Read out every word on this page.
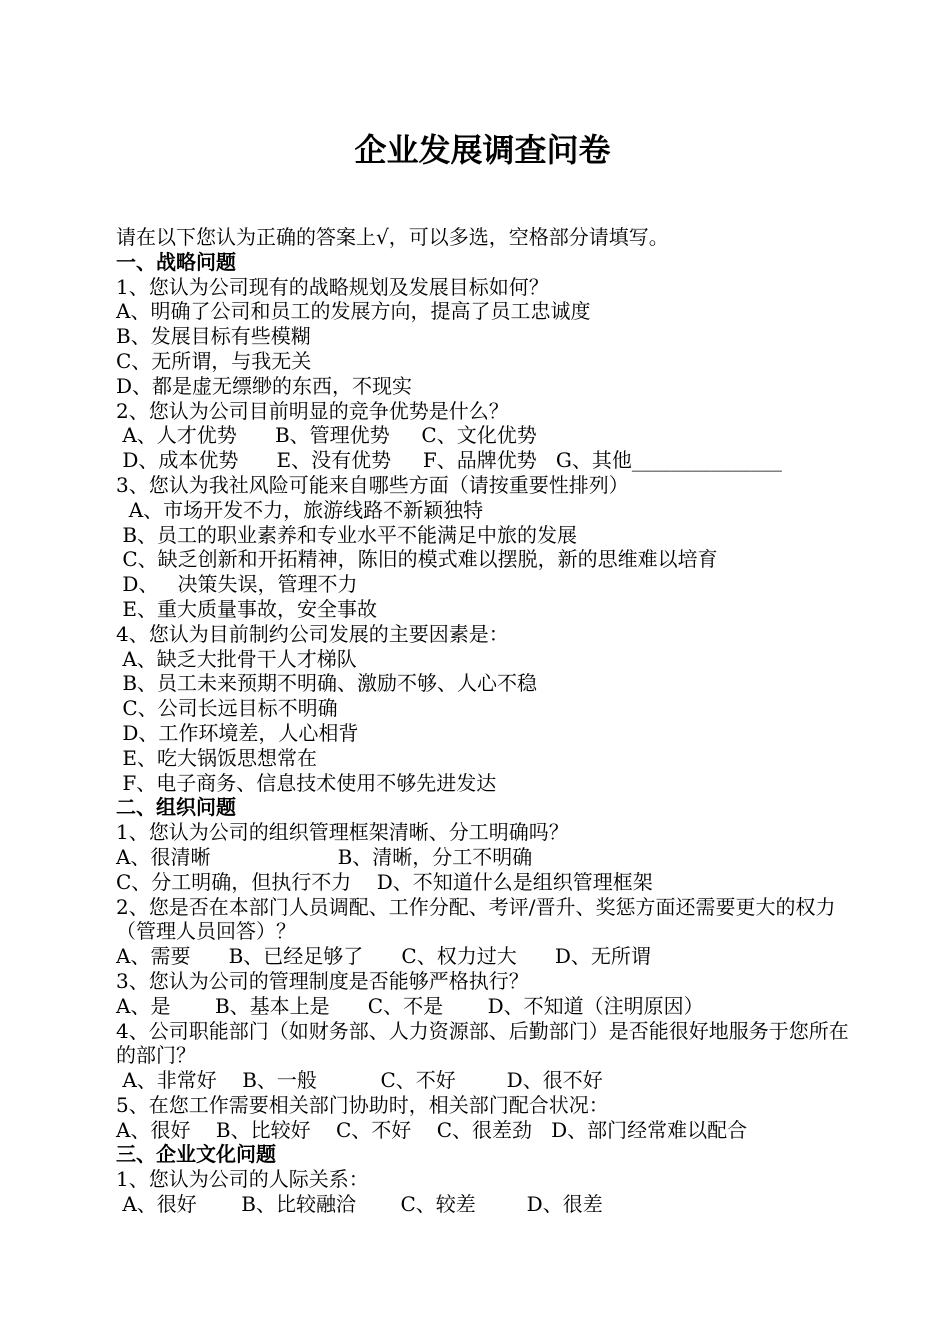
企业发展调查问卷
请在以下您认为正确的答案上√，可以多选，空格部分请填写。
一、战略问题
1、您认为公司现有的战略规划及发展目标如何？
A、明确了公司和员工的发展方向，提高了员工忠诚度
B、发展目标有些模糊
C、无所谓，与我无关
D、都是虚无缥缈的东西，不现实
2、您认为公司目前明显的竞争优势是什么？
A、人才优势      B、管理优势     C、文化优势
D、成本优势      E、没有优势     F、品牌优势   G、其他_______________
3、您认为我社风险可能来自哪些方面（请按重要性排列）
A、市场开发不力，旅游线路不新颖独特
B、员工的职业素养和专业水平不能满足中旅的发展
C、缺乏创新和开拓精神，陈旧的模式难以摆脱，新的思维难以培育
D、   决策失误，管理不力
E、重大质量事故，安全事故
4、您认为目前制约公司发展的主要因素是：
A、缺乏大批骨干人才梯队
B、员工未来预期不明确、激励不够、人心不稳
C、公司长远目标不明确
D、工作环境差，人心相背
E、吃大锅饭思想常在
F、电子商务、信息技术使用不够先进发达
二、组织问题
1、您认为公司的组织管理框架清晰、分工明确吗？
A、很清晰                    B、清晰，分工不明确
C、分工明确，但执行不力    D、不知道什么是组织管理框架
2、您是否在本部门人员调配、工作分配、考评/晋升、奖惩方面还需要更大的权力（管理人员回答）？
A、需要      B、已经足够了      C、权力过大      D、无所谓
3、您认为公司的管理制度是否能够严格执行？
A、是       B、基本上是      C、不是       D、不知道（注明原因）
4、公司职能部门（如财务部、人力资源部、后勤部门）是否能很好地服务于您所在的部门？
A、非常好    B、一般          C、不好        D、很不好
5、在您工作需要相关部门协助时，相关部门配合状况：
A、很好    B、比较好    C、不好    C、很差劲   D、部门经常难以配合
三、企业文化问题
1、您认为公司的人际关系：
A、很好       B、比较融洽       C、较差        D、很差
